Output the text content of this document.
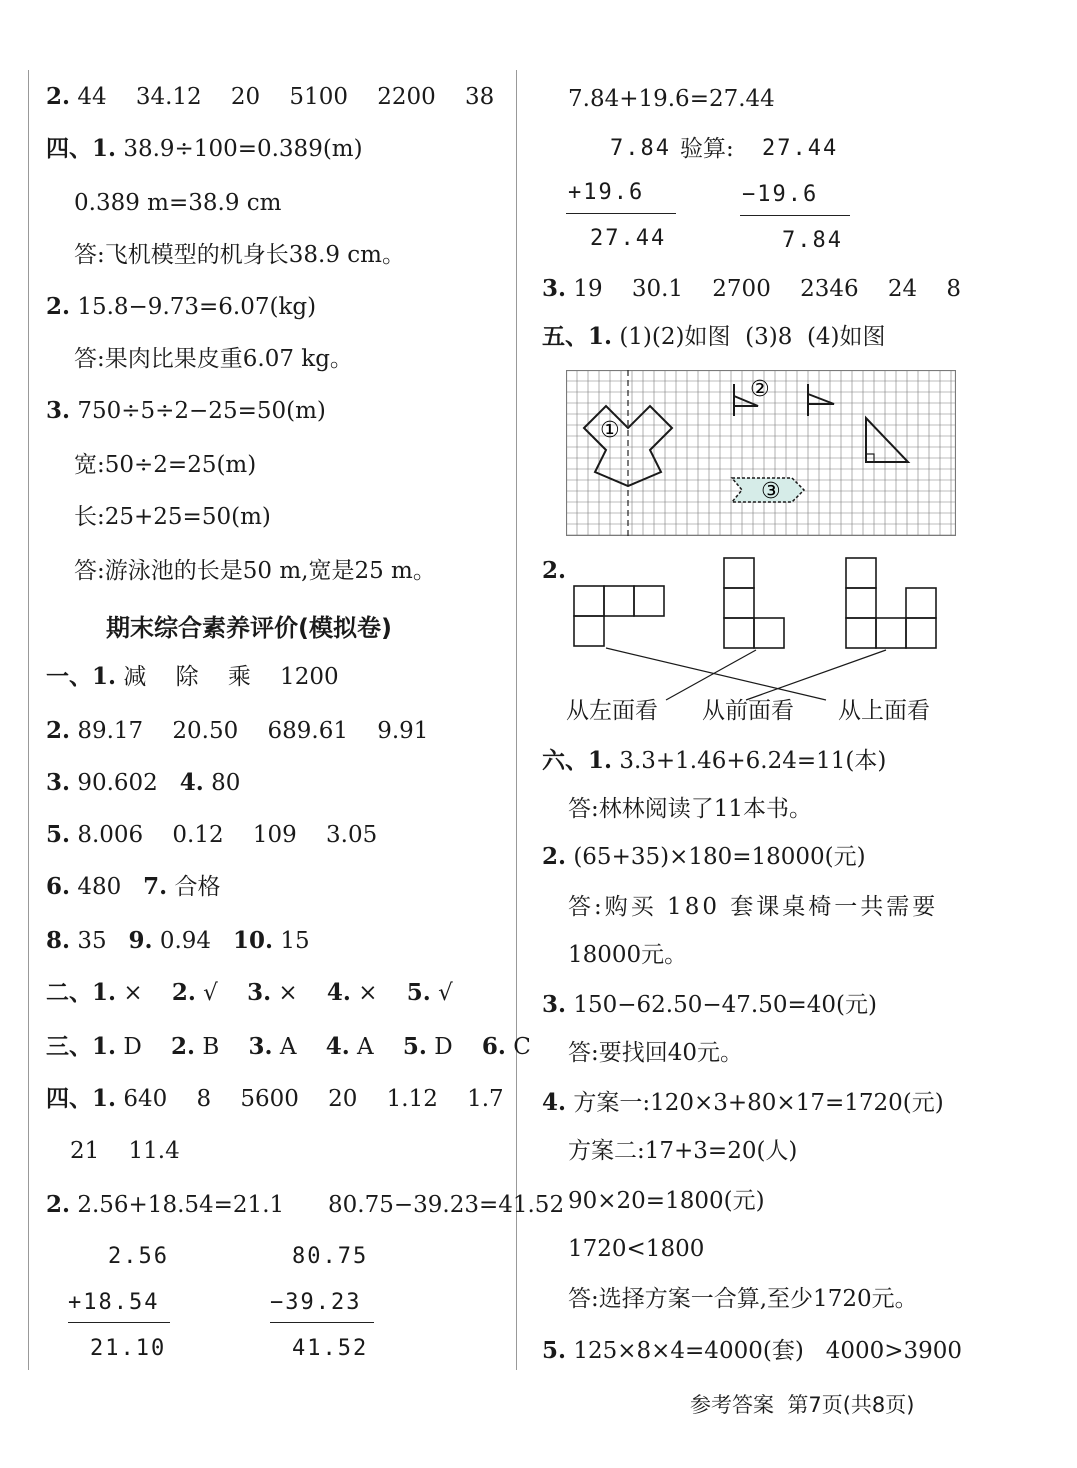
2. 44    34.12    20    5100    2200    38
四、1. 38.9÷100=0.389(m)
0.389 m=38.9 cm
答:飞机模型的机身长38.9 cm。
2. 15.8−9.73=6.07(kg)
答:果肉比果皮重6.07 kg。
3. 750÷5÷2−25=50(m)
宽:50÷2=25(m)
长:25+25=50(m)
答:游泳池的长是50 m,宽是25 m。
期末综合素养评价(模拟卷)
一、1. 减    除    乘    1200
2. 89.17    20.50    689.61    9.91
3. 90.602   4. 80
5. 8.006    0.12    109    3.05
6. 480   7. 合格
8. 35   9. 0.94   10. 15
二、1. ×    2. √    3. ×    4. ×    5. √
三、1. D    2. B    3. A    4. A    5. D    6. C
四、1. 640    8    5600    20    1.12    1.7
21    11.4
2. 2.56+18.54=21.1      80.75−39.23=41.52
2.56
+18.54
21.10
80.75
−39.23
41.52
7.84+19.6=27.44
7.84 验算:
+19.6
27.44
27.44
−19.6
7.84
3. 19    30.1    2700    2346    24    8
五、1. (1)(2)如图  (3)8  (4)如图
①
②
③
2.
从左面看 从前面看 从上面看
六、1. 3.3+1.46+6.24=11(本)
答:林林阅读了11本书。
2. (65+35)×180=18000(元)
答:购买 180 套课桌椅一共需要
18000元。
3. 150−62.50−47.50=40(元)
答:要找回40元。
4. 方案一:120×3+80×17=1720(元)
方案二:17+3=20(人)
90×20=1800(元)
1720<1800
答:选择方案一合算,至少1720元。
5. 125×8×4=4000(套)   4000>3900
参考答案  第7页(共8页)
